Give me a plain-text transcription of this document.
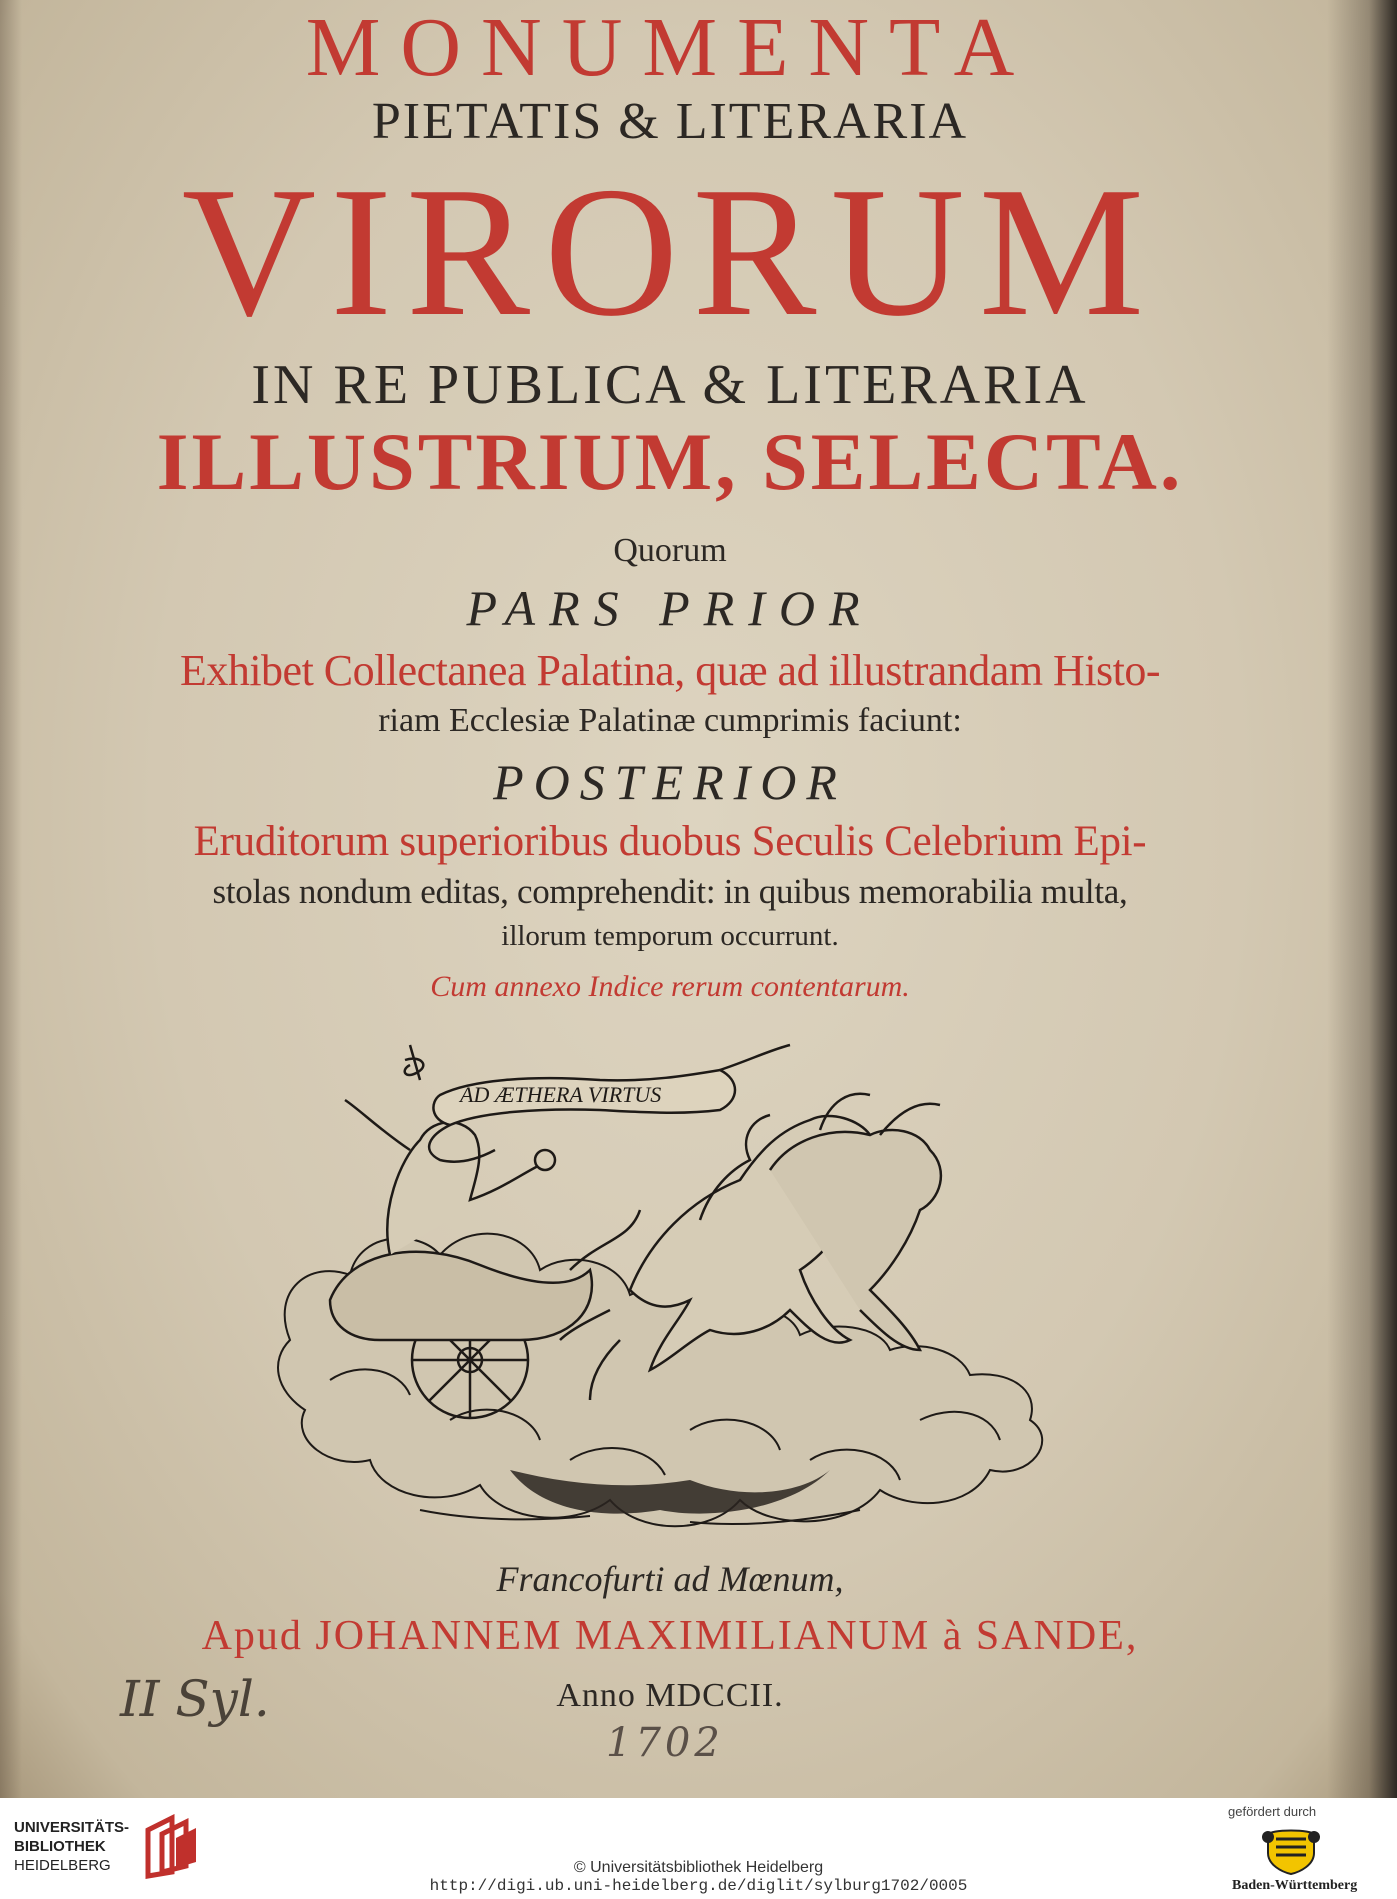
MONUMENTA
PIETATIS & LITERARIA
VIRORUM
IN RE PUBLICA & LITERARIA
ILLUSTRIUM, SELECTA.
Quorum
PARS PRIOR
Exhibet Collectanea Palatina, quæ ad illustrandam Histo-
riam Ecclesiæ Palatinæ cumprimis faciunt:
POSTERIOR
Eruditorum superioribus duobus Seculis Celebrium Epi-
stolas nondum editas, comprehendit: in quibus memorabilia multa,
illorum temporum occurrunt.
Cum annexo Indice rerum contentarum.
AD ÆTHERA VIRTUS
Francofurti ad Mœnum,
Apud JOHANNEM MAXIMILIANUM à SANDE,
Anno MDCCII.
1702
II Syl.
UNIVERSITÄTS-
BIBLIOTHEK
HEIDELBERG	© Universitätsbibliothek Heidelberg
http://digi.ub.uni-heidelberg.de/diglit/sylburg1702/0005
gefördert durch
Baden-Württemberg
